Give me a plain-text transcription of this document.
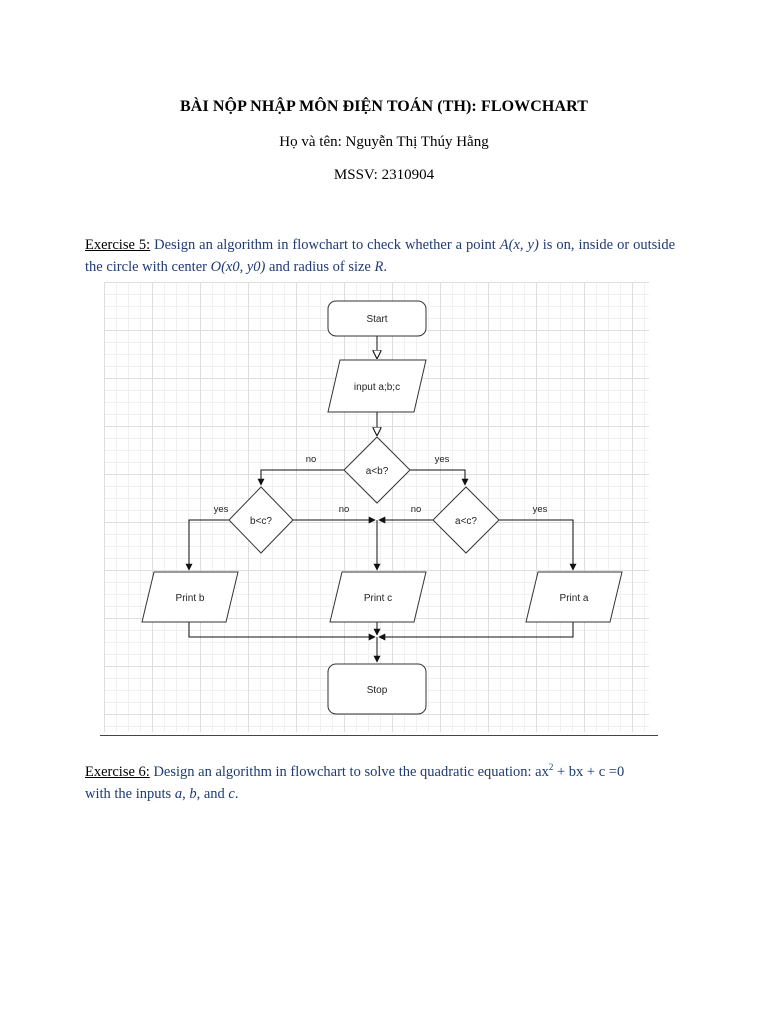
BÀI NỘP NHẬP MÔN ĐIỆN TOÁN (TH): FLOWCHART
Họ và tên: Nguyễn Thị Thúy Hằng
MSSV: 2310904
Exercise 5: Design an algorithm in flowchart to check whether a point A(x, y) is on, inside or outside the circle with center O(x0, y0) and radius of size R.
Start
input a;b;c
a<b?
b<c?	a<c?
Print b	Print c	Print a
Stop
no	yes
yes	no	no	yes
Exercise 6: Design an algorithm in flowchart to solve the quadratic equation: $ax^2$ + bx + c =0
with the inputs a, b, and c.
